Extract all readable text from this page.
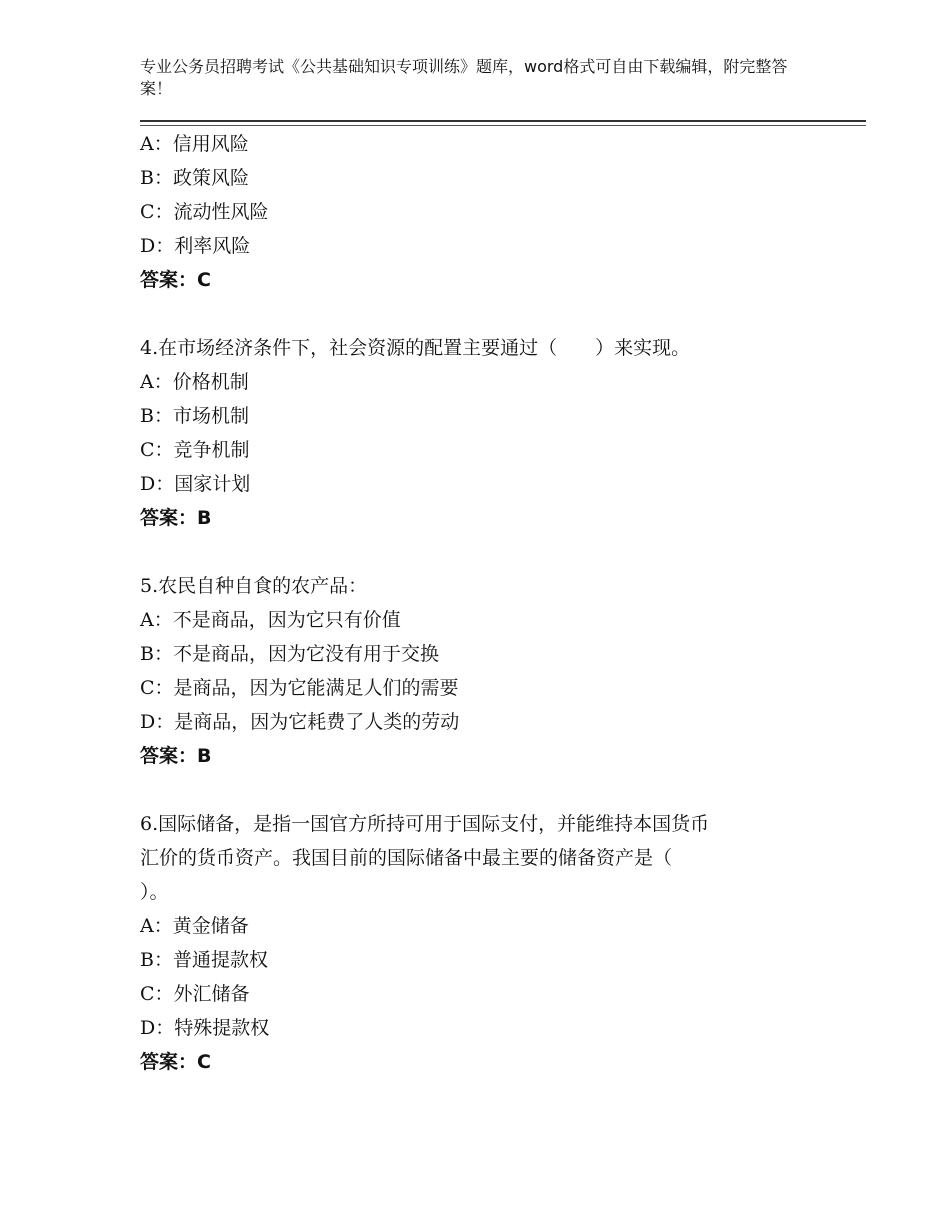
专业公务员招聘考试《公共基础知识专项训练》题库，word格式可自由下载编辑，附完整答案！
A：信用风险
B：政策风险
C：流动性风险
D：利率风险
答案：C
4.在市场经济条件下，社会资源的配置主要通过（　　）来实现。
A：价格机制
B：市场机制
C：竞争机制
D：国家计划
答案：B
5.农民自种自食的农产品：
A：不是商品，因为它只有价值
B：不是商品，因为它没有用于交换
C：是商品，因为它能满足人们的需要
D：是商品，因为它耗费了人类的劳动
答案：B
6.国际储备，是指一国官方所持可用于国际支付，并能维持本国货币
汇价的货币资产。我国目前的国际储备中最主要的储备资产是（
）。
A：黄金储备
B：普通提款权
C：外汇储备
D：特殊提款权
答案：C
